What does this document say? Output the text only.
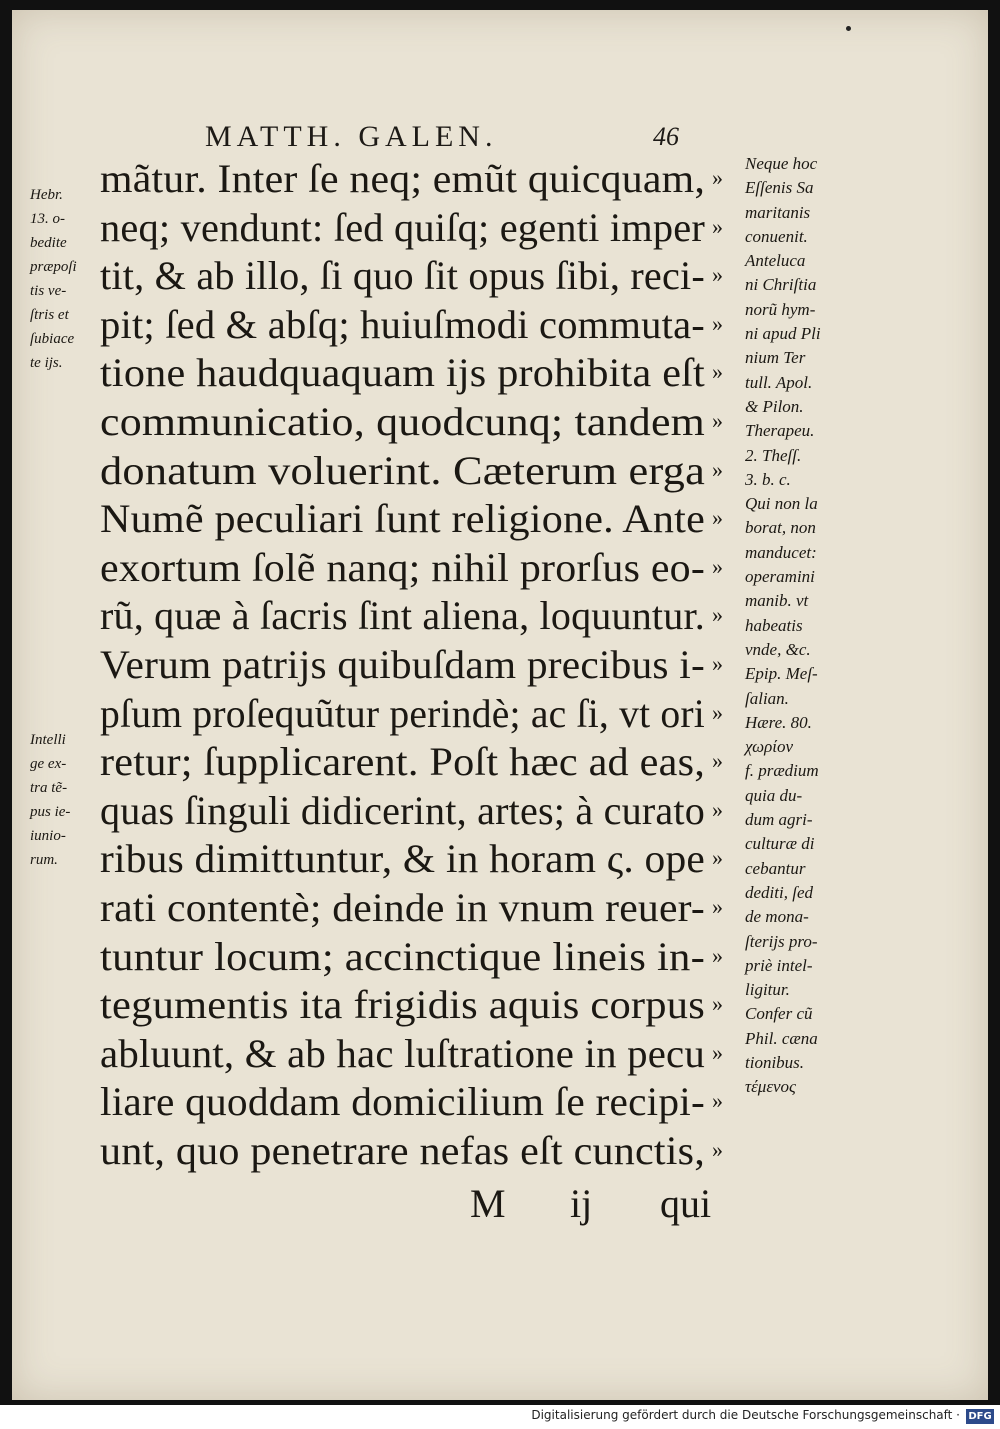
MATTH. GALEN.	46
mãtur. Inter ſe neq; emũt quicquam,
neq; vendunt: ſed quiſq; egenti imper
tit, & ab illo, ſi quo ſit opus ſibi, reci-
pit; ſed & abſq; huiuſmodi commuta-
tione haudquaquam ijs prohibita eſt
communicatio, quodcunq; tandem
donatum voluerint. Cæterum erga
Numẽ peculiari ſunt religione. Ante
exortum ſolẽ nanq; nihil prorſus eo-
rũ, quæ à ſacris ſint aliena, loquuntur.
Verum patrijs quibuſdam precibus i-
pſum proſequũtur perindè; ac ſi, vt ori
retur; ſupplicarent. Poſt hæc ad eas,
quas ſinguli didicerint, artes; à curato
ribus dimittuntur, & in horam ς. ope
rati contentè; deinde in vnum reuer-
tuntur locum; accinctique lineis in-
tegumentis ita frigidis aquis corpus
abluunt, & ab hac luſtratione in pecu
liare quoddam domicilium ſe recipi-
unt, quo penetrare nefas eſt cunctis,
»
»
»
»
»
»
»
»
»
»
»
»
»
»
»
»
»
»
»
»
»
M ij qui
Hebr.
13. o-
bedite
præpoſi
tis ve-
ſtris et
ſubiace
te ijs.
Intelli
ge ex-
tra tẽ-
pus ie-
iunio-
rum.
Neque hoc
Eſſenis Sa
maritanis
conuenit.
Anteluca
ni Chriſtia
norũ hym-
ni apud Pli
nium Ter
tull. Apol.
& Pilon.
Therapeu.
2. Theſſ.
3. b. c.
Qui non la
borat, non
manducet:
operamini
manib. vt
habeatis
vnde, &c.
Epip. Meſ-
ſalian.
Hære. 80.
χωρίον
f. prædium
quia du-
dum agri-
culturæ di
cebantur
dediti, ſed
de mona-
ſterijs pro-
priè intel-
ligitur.
Confer cũ
Phil. cæna
tionibus.
τέμενος
Digitalisierung gefördert durch die Deutsche Forschungsgemeinschaft · DFG
